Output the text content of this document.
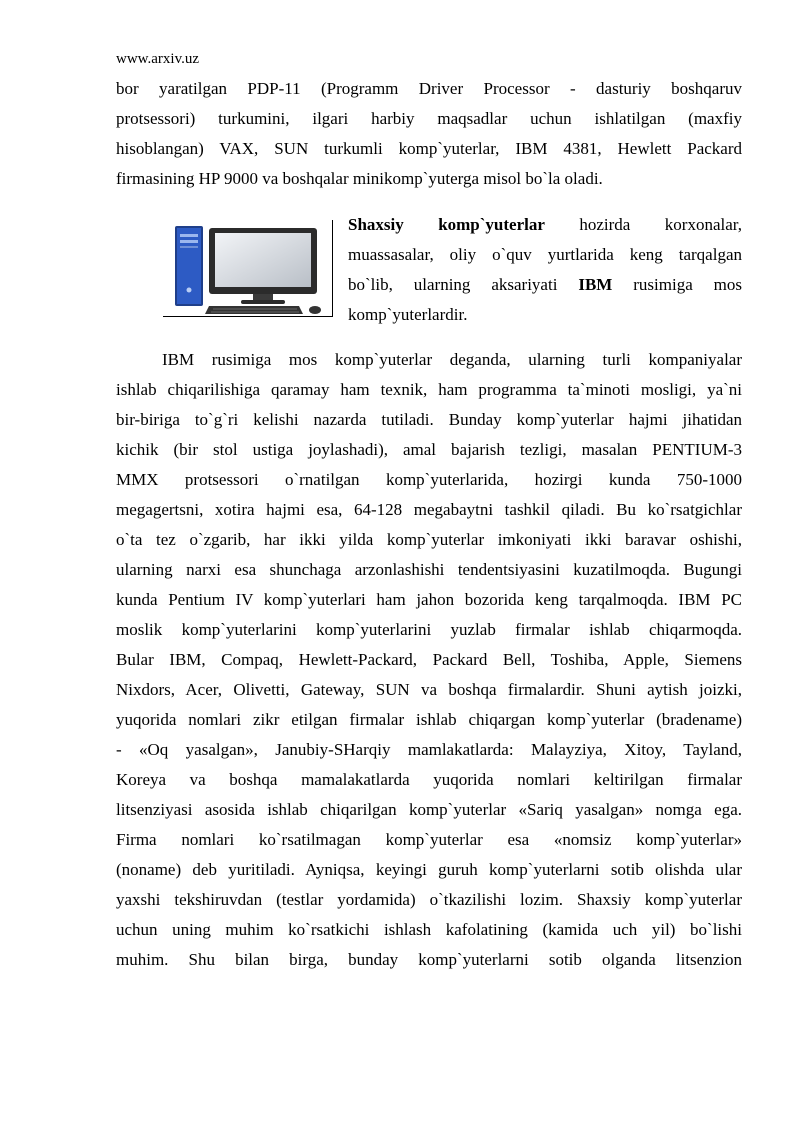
www.arxiv.uz
bor yaratilgan PDP-11 (Programm Driver Processor - dasturiy boshqaruv
protsessori) turkumini, ilgari harbiy maqsadlar uchun ishlatilgan (maxfiy
hisoblangan) VAX, SUN turkumli komp`yuterlar, IBM 4381, Hewlett Packard
firmasining HP 9000 va boshqalar minikomp`yuterga misol bo`la oladi.
Shaxsiy komp`yuterlar hozirda korxonalar,
muassasalar, oliy o`quv yurtlarida keng tarqalgan
bo`lib, ularning aksariyati IBM rusimiga mos
komp`yuterlardir.
IBM rusimiga mos komp`yuterlar deganda, ularning turli kompaniyalar
ishlab chiqarilishiga qaramay ham texnik, ham programma ta`minoti mosligi, ya`ni
bir-biriga to`g`ri kelishi nazarda tutiladi. Bunday komp`yuterlar hajmi jihatidan
kichik (bir stol ustiga joylashadi), amal bajarish tezligi, masalan PENTIUM-3
MMX protsessori o`rnatilgan komp`yuterlarida, hozirgi kunda 750-1000
megagertsni, xotira hajmi esa, 64-128 megabaytni tashkil qiladi. Bu ko`rsatgichlar
o`ta tez o`zgarib, har ikki yilda komp`yuterlar imkoniyati ikki baravar oshishi,
ularning narxi esa shunchaga arzonlashishi tendentsiyasini kuzatilmoqda. Bugungi
kunda Pentium IV komp`yuterlari ham jahon bozorida keng tarqalmoqda. IBM PC
moslik komp`yuterlarini komp`yuterlarini yuzlab firmalar ishlab chiqarmoqda.
Bular IBM, Compaq, Hewlett-Packard, Packard Bell, Toshiba, Apple, Siemens
Nixdors, Acer, Olivetti, Gateway, SUN va boshqa firmalardir. Shuni aytish joizki,
yuqorida nomlari zikr etilgan firmalar ishlab chiqargan komp`yuterlar (bradename)
- «Oq yasalgan», Janubiy-SHarqiy mamlakatlarda: Malayziya, Xitoy, Tayland,
Koreya va boshqa mamalakatlarda yuqorida nomlari keltirilgan firmalar
litsenziyasi asosida ishlab chiqarilgan komp`yuterlar «Sariq yasalgan» nomga ega.
Firma nomlari ko`rsatilmagan komp`yuterlar esa «nomsiz komp`yuterlar»
(noname) deb yuritiladi. Ayniqsa, keyingi guruh komp`yuterlarni sotib olishda ular
yaxshi tekshiruvdan (testlar yordamida) o`tkazilishi lozim. Shaxsiy komp`yuterlar
uchun uning muhim ko`rsatkichi ishlash kafolatining (kamida uch yil) bo`lishi
muhim. Shu bilan birga, bunday komp`yuterlarni sotib olganda litsenzion
